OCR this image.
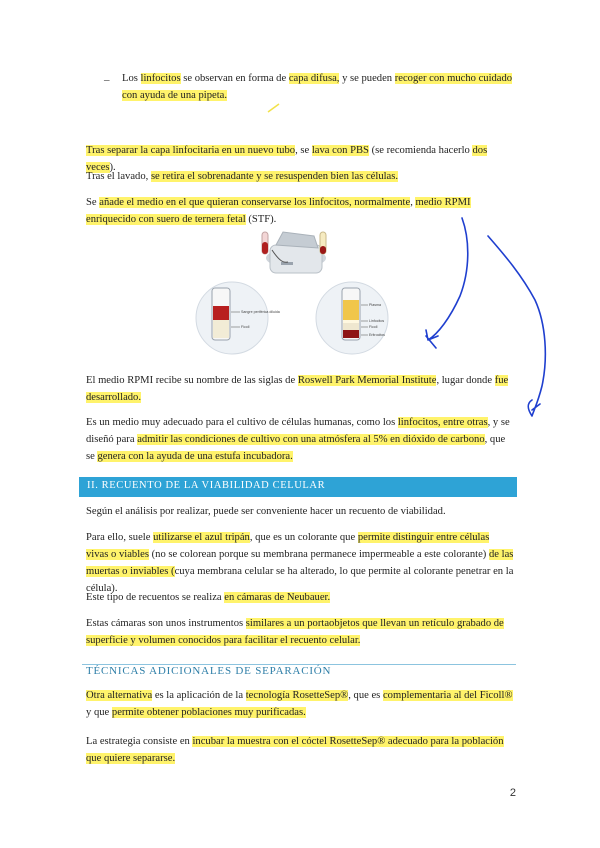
– Los linfocitos se observan en forma de capa difusa, y se pueden recoger con mucho cuidado con ayuda de una pipeta.

Tras separar la capa linfocitaria en un nuevo tubo, se lava con PBS (se recomienda hacerlo dos veces).

Tras el lavado, se retira el sobrenadante y se resuspenden bien las células.

Se añade el medio en el que quieran conservarse los linfocitos, normalmente, medio RPMI enriquecido con suero de ternera fetal (STF).

Sangre periférica diluida
Ficoll
Plasma
Linfocitos
Ficoll
Eritrocitos

El medio RPMI recibe su nombre de las siglas de Roswell Park Memorial Institute, lugar donde fue desarrollado.

Es un medio muy adecuado para el cultivo de células humanas, como los linfocitos, entre otras, y se diseñó para admitir las condiciones de cultivo con una atmósfera al 5% en dióxido de carbono, que se genera con la ayuda de una estufa incubadora.

II. RECUENTO DE LA VIABILIDAD CELULAR

Según el análisis por realizar, puede ser conveniente hacer un recuento de viabilidad.

Para ello, suele utilizarse el azul tripán, que es un colorante que permite distinguir entre células vivas o viables (no se colorean porque su membrana permanece impermeable a este colorante) de las muertas o inviables (cuya membrana celular se ha alterado, lo que permite al colorante penetrar en la célula).

Este tipo de recuentos se realiza en cámaras de Neubauer.

Estas cámaras son unos instrumentos similares a un portaobjetos que llevan un retículo grabado de superficie y volumen conocidos para facilitar el recuento celular.

TÉCNICAS ADICIONALES DE SEPARACIÓN

Otra alternativa es la aplicación de la tecnología RosetteSep®, que es complementaria al del Ficoll® y que permite obtener poblaciones muy purificadas.

La estrategia consiste en incubar la muestra con el cóctel RosetteSep® adecuado para la población que quiere separarse.

2
